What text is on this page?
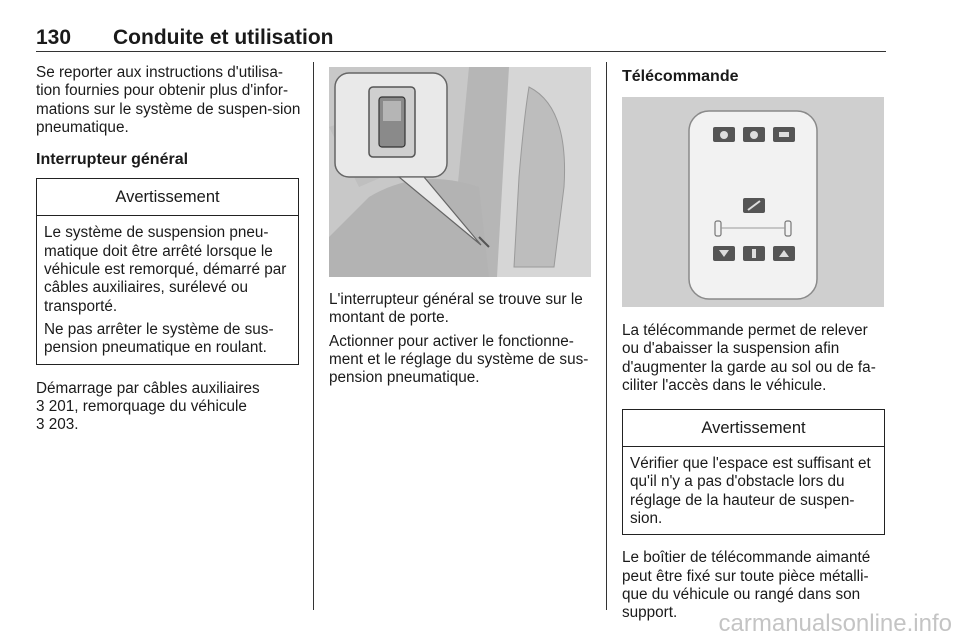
130 Conduite et utilisation

Se reporter aux instructions d'utilisa-tion fournies pour obtenir plus d'infor-mations sur le système de suspen-sion pneumatique.

Interrupteur général
Avertissement

Le système de suspension pneu-matique doit être arrêté lorsque le véhicule est remorqué, démarré par câbles auxiliaires, surélevé ou transporté.

Ne pas arrêter le système de sus-pension pneumatique en roulant.

Démarrage par câbles auxiliaires
3 201, remorquage du véhicule
3 203.

L'interrupteur général se trouve sur le montant de porte.

Actionner pour activer le fonctionne-ment et le réglage du système de sus-pension pneumatique.

Télécommande

La télécommande permet de relever ou d'abaisser la suspension afin d'augmenter la garde au sol ou de fa-ciliter l'accès dans le véhicule.

Avertissement

Vérifier que l'espace est suffisant et qu'il n'y a pas d'obstacle lors du réglage de la hauteur de suspen-sion.

Le boîtier de télécommande aimanté peut être fixé sur toute pièce métalli-que du véhicule ou rangé dans son support.	carmanualsonline.info
